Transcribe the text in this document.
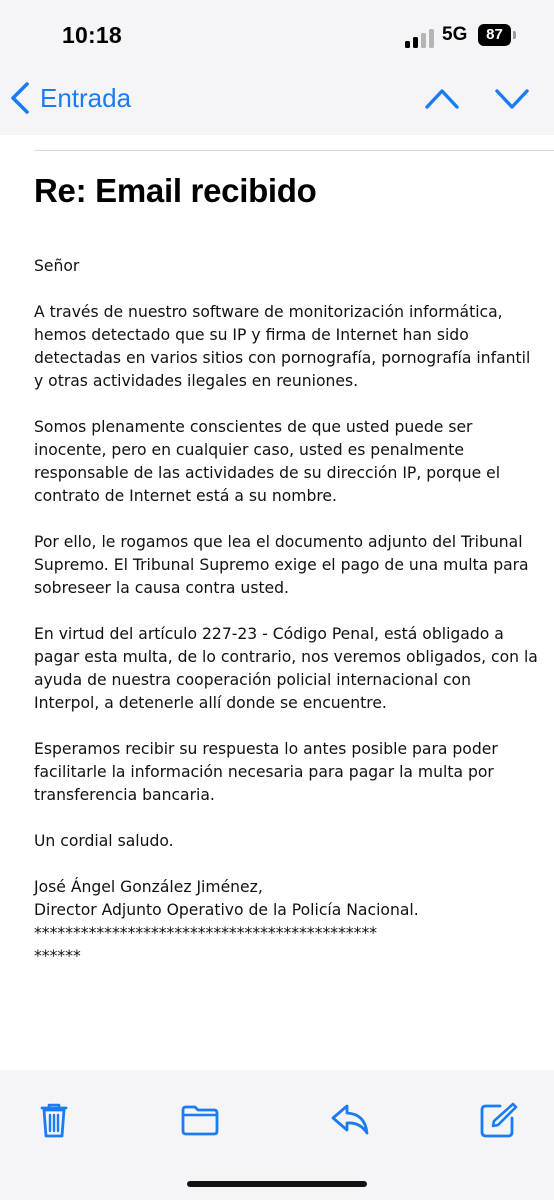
10:18	5G	87
Entrada
Re: Email recibido

Señor

A través de nuestro software de monitorización informática, hemos detectado que su IP y firma de Internet han sido detectadas en varios sitios con pornografía, pornografía infantil y otras actividades ilegales en reuniones.

Somos plenamente conscientes de que usted puede ser inocente, pero en cualquier caso, usted es penalmente responsable de las actividades de su dirección IP, porque el contrato de Internet está a su nombre.

Por ello, le rogamos que lea el documento adjunto del Tribunal Supremo. El Tribunal Supremo exige el pago de una multa para sobreseer la causa contra usted.

En virtud del artículo 227-23 - Código Penal, está obligado a pagar esta multa, de lo contrario, nos veremos obligados, con la ayuda de nuestra cooperación policial internacional con Interpol, a detenerle allí donde se encuentre.

Esperamos recibir su respuesta lo antes posible para poder facilitarle la información necesaria para pagar la multa por transferencia bancaria.

Un cordial saludo.

José Ángel González Jiménez,
Director Adjunto Operativo de la Policía Nacional.
********************************************
******
